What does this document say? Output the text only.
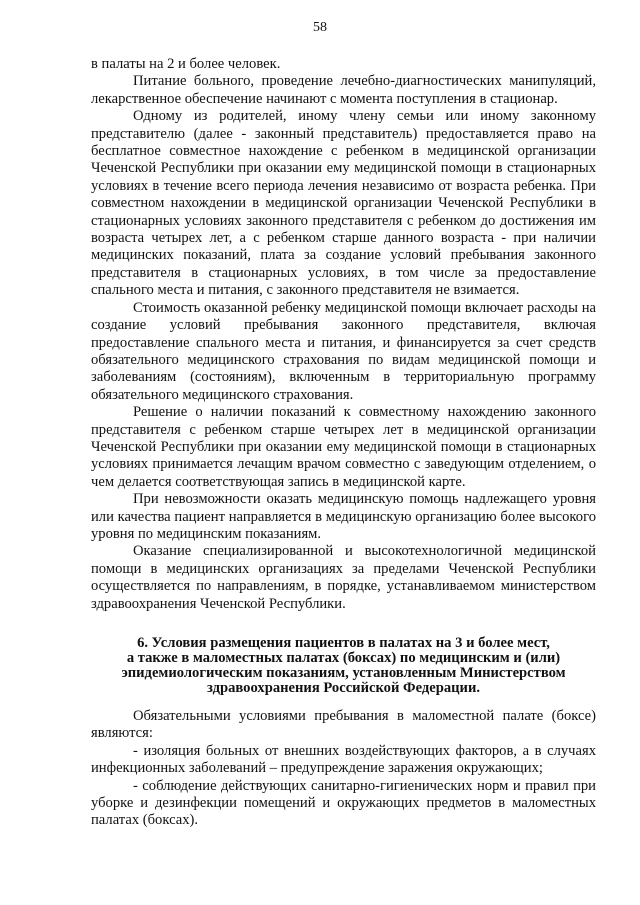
58

в палаты на 2 и более человек.

Питание больного, проведение лечебно-диагностических манипуляций, лекарственное обеспечение начинают с момента поступления в стационар.

Одному из родителей, иному члену семьи или иному законному представителю (далее - законный представитель) предоставляется право на бесплатное совместное нахождение с ребенком в медицинской организации Чеченской Республики при оказании ему медицинской помощи в стационарных условиях в течение всего периода лечения независимо от возраста ребенка. При совместном нахождении в медицинской организации Чеченской Республики в стационарных условиях законного представителя с ребенком до достижения им возраста четырех лет, а с ребенком старше данного возраста - при наличии медицинских показаний, плата за создание условий пребывания законного представителя в стационарных условиях, в том числе за предоставление спального места и питания, с законного представителя не взимается.

Стоимость оказанной ребенку медицинской помощи включает расходы на создание условий пребывания законного представителя, включая предоставление спального места и питания, и финансируется за счет средств обязательного медицинского страхования по видам медицинской помощи и заболеваниям (состояниям), включенным в территориальную программу обязательного медицинского страхования.

Решение о наличии показаний к совместному нахождению законного представителя с ребенком старше четырех лет в медицинской организации Чеченской Республики при оказании ему медицинской помощи в стационарных условиях принимается лечащим врачом совместно с заведующим отделением, о чем делается соответствующая запись в медицинской карте.

При невозможности оказать медицинскую помощь надлежащего уровня или качества пациент направляется в медицинскую организацию более высокого уровня по медицинским показаниям.

Оказание специализированной и высокотехнологичной медицинской помощи в медицинских организациях за пределами Чеченской Республики осуществляется по направлениям, в порядке, устанавливаемом министерством здравоохранения Чеченской Республики.

6. Условия размещения пациентов в палатах на 3 и более мест,
а также в маломестных палатах (боксах) по медицинским и (или)
эпидемиологическим показаниям, установленным Министерством
здравоохранения Российской Федерации.

Обязательными условиями пребывания в маломестной палате (боксе) являются:

- изоляция больных от внешних воздействующих факторов, а в случаях инфекционных заболеваний – предупреждение заражения окружающих;

- соблюдение действующих санитарно-гигиенических норм и правил при уборке и дезинфекции помещений и окружающих предметов в маломестных палатах (боксах).
